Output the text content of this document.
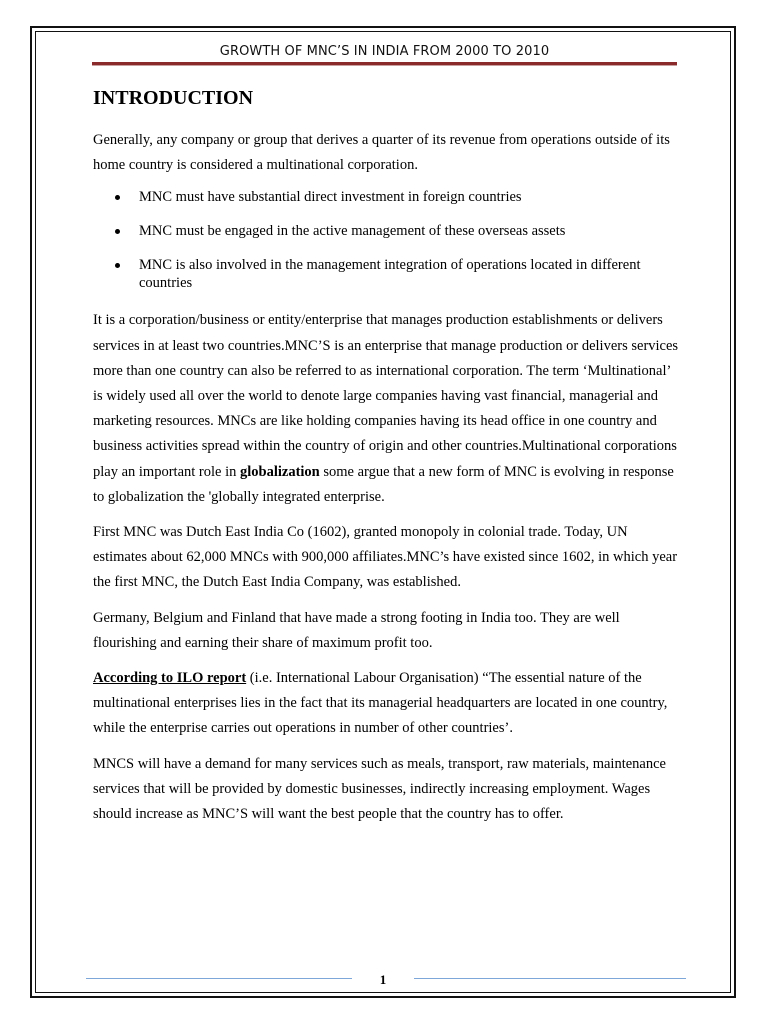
GROWTH OF MNC’S IN INDIA FROM 2000 TO 2010
INTRODUCTION

Generally, any company or group that derives a quarter of its revenue from operations outside of its home country is considered a multinational corporation.

MNC must have substantial direct investment in foreign countries
MNC must be engaged in the active management of these overseas assets
MNC is also involved in the management integration of operations located in different countries

It is a corporation/business or entity/enterprise that manages production establishments or delivers services in at least two countries.MNC’S is an enterprise that manage production or delivers services more than one country can also be referred to as international corporation. The term ‘Multinational’ is widely used all over the world to denote large companies having vast financial, managerial and marketing resources. MNCs are like holding companies having its head office in one country and business activities spread within the country of origin and other countries.Multinational corporations play an important role in globalization some argue that a new form of MNC is evolving in response to globalization the 'globally integrated enterprise.

First MNC was Dutch East India Co (1602), granted monopoly in colonial trade. Today, UN estimates about 62,000 MNCs with 900,000 affiliates.MNC’s have existed since 1602, in which year the first MNC, the Dutch East India Company, was established.

Germany, Belgium and Finland that have made a strong footing in India too. They are well flourishing and earning their share of maximum profit too.

According to ILO report (i.e. International Labour Organisation) “The essential nature of the multinational enterprises lies in the fact that its managerial headquarters are located in one country, while the enterprise carries out operations in number of other countries’.

MNCS will have a demand for many services such as meals, transport, raw materials, maintenance services that will be provided by domestic businesses, indirectly increasing employment. Wages should increase as MNC’S will want the best people that the country has to offer.

1
